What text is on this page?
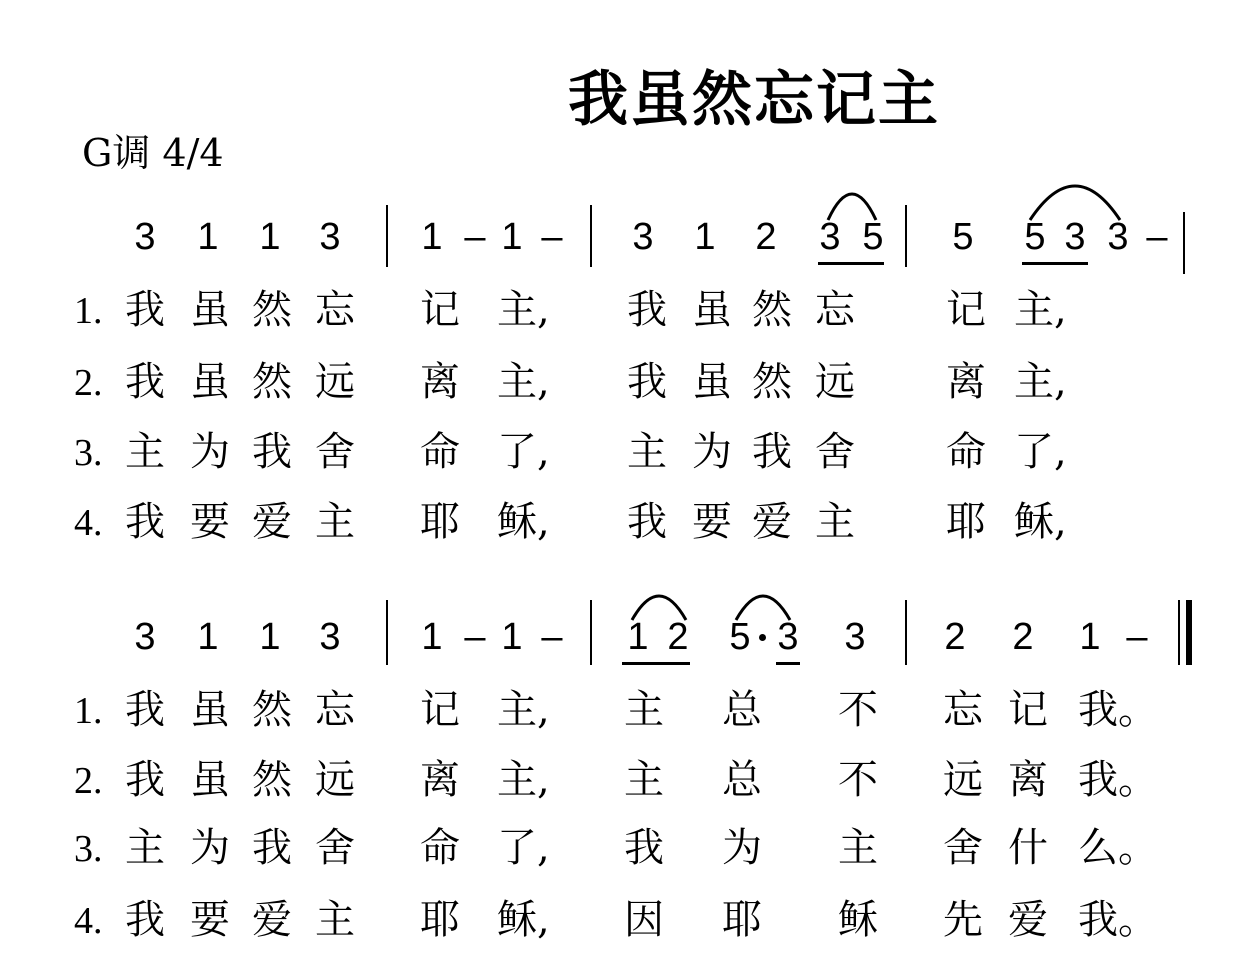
我虽然忘记主
G调 4/4
3 1 1 3 1 – 1 – 3 1 2 3 5 5 5 3 3 –
1. 我 虽 然 忘 记 主, 我 虽 然 忘 记 主,
2. 我 虽 然 远 离 主, 我 虽 然 远 离 主,
3. 主 为 我 舍 命 了, 主 为 我 舍 命 了,
4. 我 要 爱 主 耶 稣, 我 要 爱 主 耶 稣,
3 1 1 3 1 – 1 – 1 2 5 3 3 2 2 1 –
1. 我 虽 然 忘 记 主, 主 总 不 忘 记 我。
2. 我 虽 然 远 离 主, 主 总 不 远 离 我。
3. 主 为 我 舍 命 了, 我 为 主 舍 什 么。
4. 我 要 爱 主 耶 稣, 因 耶 稣 先 爱 我。
